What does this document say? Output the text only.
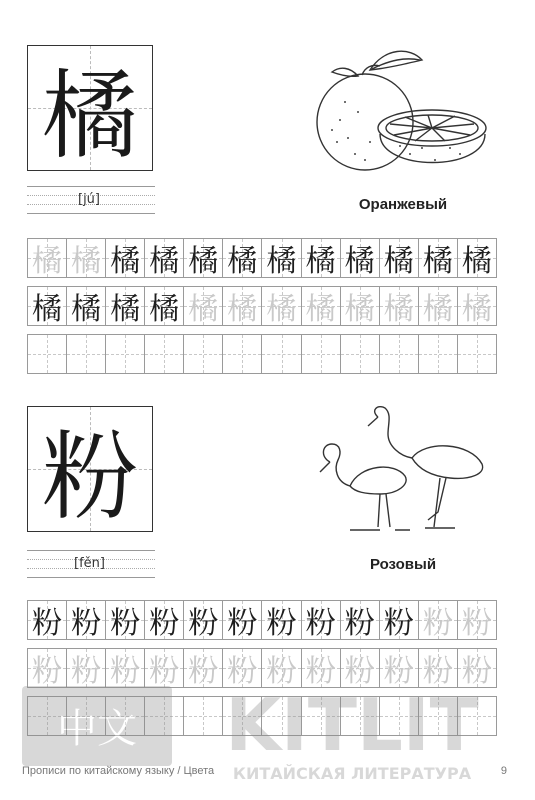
橘
[jú]	Оранжевый
橘 橘 橘 橘 橘 橘 橘 橘 橘 橘 橘 橘
橘 橘 橘 橘 橘 橘 橘 橘 橘 橘 橘 橘
粉
[fěn]	Розовый
粉 粉 粉 粉 粉 粉 粉 粉 粉 粉 粉 粉
粉 粉 粉 粉 粉 粉 粉 粉 粉 粉 粉 粉
Прописи по китайскому языку / Цвета	9
中文 KITLIT
КИТАЙСКАЯ ЛИТЕРАТУРА
